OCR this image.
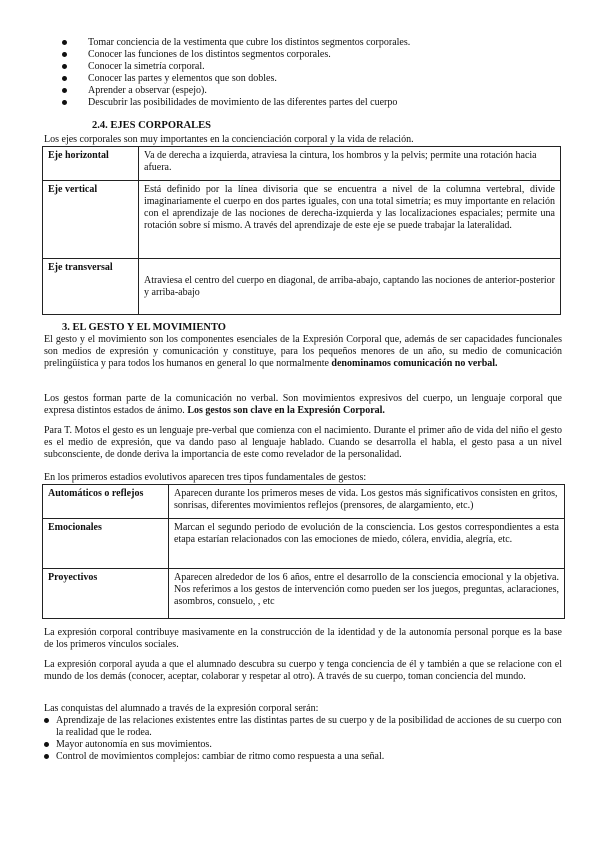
Tomar conciencia de la vestimenta que cubre los distintos segmentos corporales.
Conocer las funciones de los distintos segmentos corporales.
Conocer la simetría corporal.
Conocer las partes y elementos que son dobles.
Aprender a observar (espejo).
Descubrir las posibilidades de movimiento de las diferentes partes del cuerpo
2.4. EJES CORPORALES
Los ejes corporales son muy importantes en la concienciación corporal y la vida de relación.
Eje horizontal	Va de derecha a izquierda, atraviesa la cintura, los hombros y la pelvis; permite una rotación hacia afuera.
Eje vertical	Está definido por la línea divisoria que se encuentra a nivel de la columna vertebral, divide imaginariamente el cuerpo en dos partes iguales, con una total simetría; es muy importante en relación con el aprendizaje de las nociones de derecha-izquierda y las localizaciones espaciales; permite una rotación sobre sí mismo. A través del aprendizaje de este eje se puede trabajar la lateralidad.
Eje transversal	Atraviesa el centro del cuerpo en diagonal, de arriba-abajo, captando las nociones de anterior-posterior y arriba-abajo
3. EL GESTO Y EL MOVIMIENTO

El gesto y el movimiento son los componentes esenciales de la Expresión Corporal que, además de ser capacidades funcionales son medios de expresión y comunicación y constituye, para los pequeños menores de un año, su medio de comunicación prelingüística y para todos los humanos en general lo que normalmente denominamos comunicación no verbal.

Los gestos forman parte de la comunicación no verbal. Son movimientos expresivos del cuerpo, un lenguaje corporal que expresa distintos estados de ánimo. Los gestos son clave en la Expresión Corporal.

Para T. Motos el gesto es un lenguaje pre-verbal que comienza con el nacimiento. Durante el primer año de vida del niño el gesto es el medio de expresión, que va dando paso al lenguaje hablado. Cuando se desarrolla el habla, el gesto pasa a un nivel subconsciente, de donde deriva la importancia de este como revelador de la personalidad.

En los primeros estadios evolutivos aparecen tres tipos fundamentales de gestos:
Automáticos o reflejos	Aparecen durante los primeros meses de vida. Los gestos más significativos consisten en gritos, sonrisas, diferentes movimientos reflejos (prensores, de alargamiento, etc.)
Emocionales	Marcan el segundo periodo de evolución de la consciencia. Los gestos correspondientes a esta etapa estarían relacionados con las emociones de miedo, cólera, envidia, alegría, etc.
Proyectivos	Aparecen alrededor de los 6 años, entre el desarrollo de la consciencia emocional y la objetiva. Nos referimos a los gestos de intervención como pueden ser los juegos, preguntas, aclaraciones, asombros, consuelo, , etc

La expresión corporal contribuye masivamente en la construcción de la identidad y de la autonomía personal porque es la base de los primeros vínculos sociales.

La expresión corporal ayuda a que el alumnado descubra su cuerpo y tenga conciencia de él y también a que se relacione con el mundo de los demás (conocer, aceptar, colaborar y respetar al otro). A través de su cuerpo, toman conciencia del mundo.

Las conquistas del alumnado a través de la expresión corporal serán:
Aprendizaje de las relaciones existentes entre las distintas partes de su cuerpo y de la posibilidad de acciones de su cuerpo con la realidad que le rodea.
Mayor autonomía en sus movimientos.
Control de movimientos complejos: cambiar de ritmo como respuesta a una señal.
